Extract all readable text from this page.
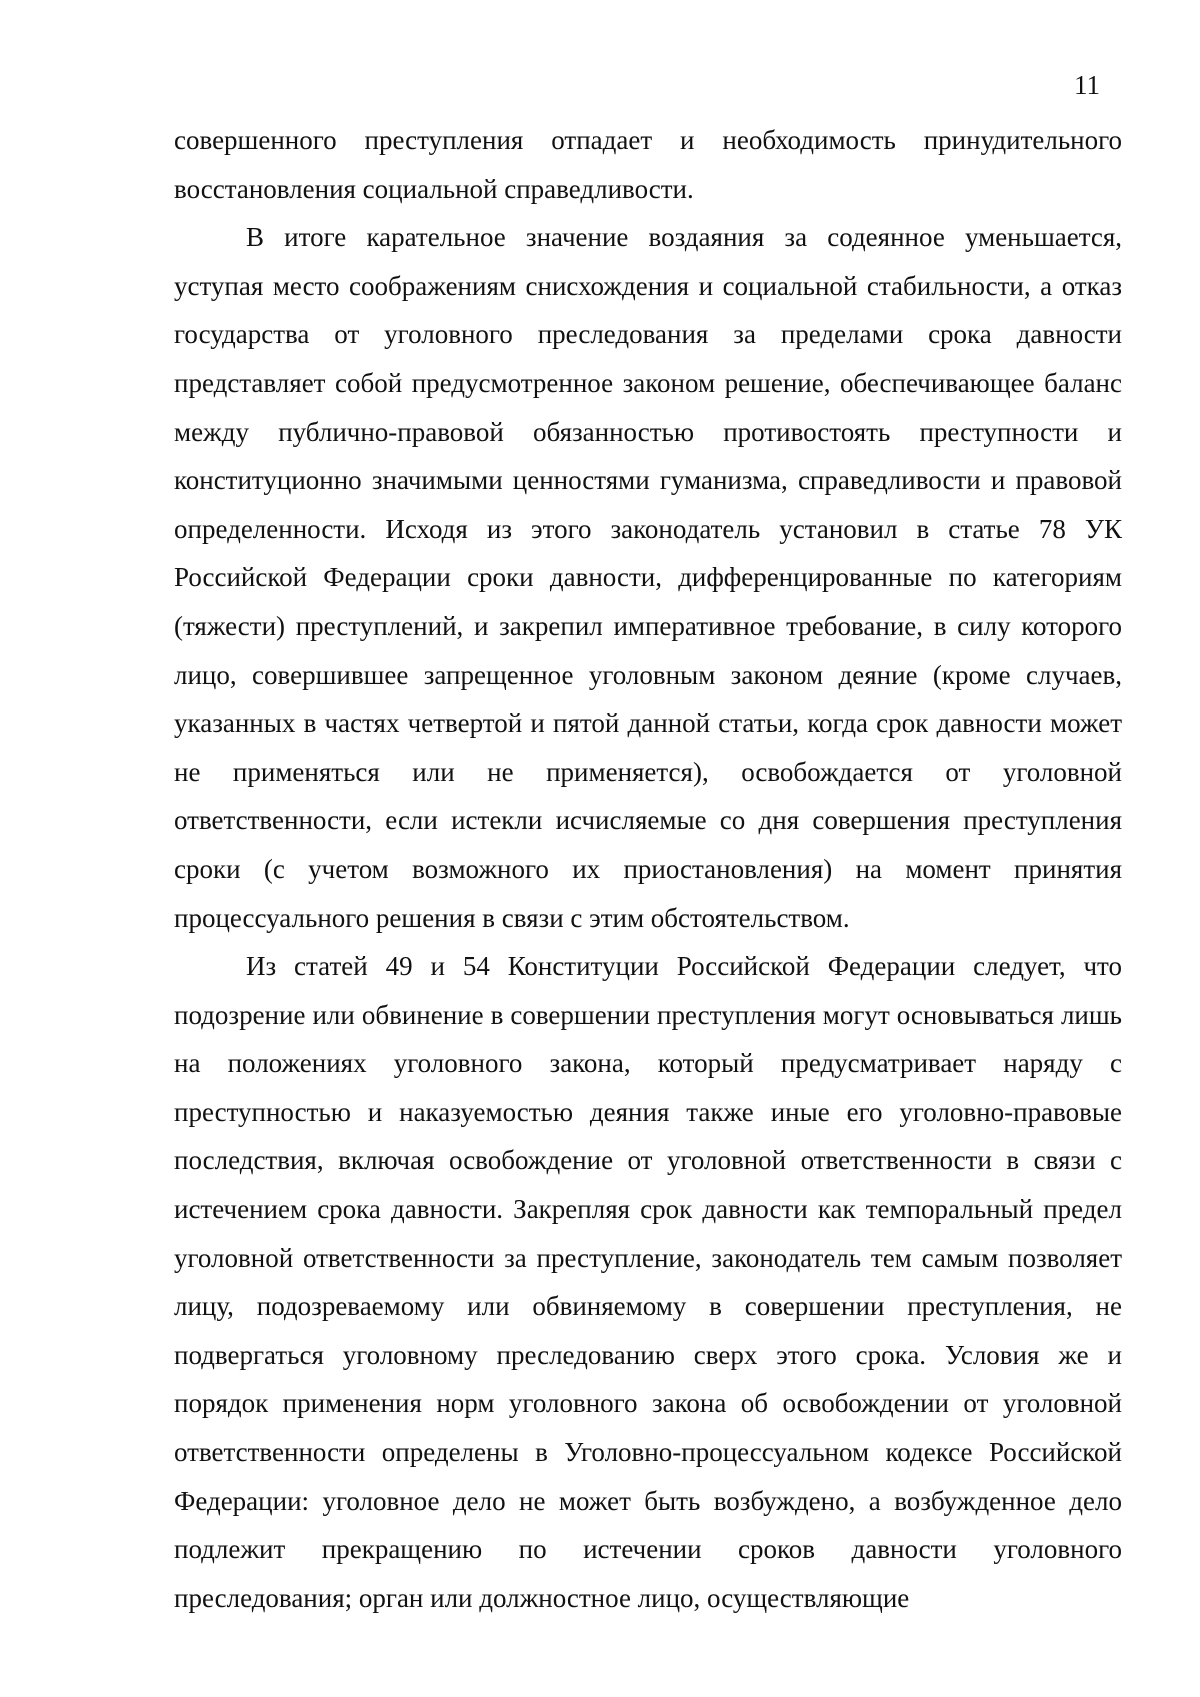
11

совершенного преступления отпадает и необходимость принудительного восстановления социальной справедливости.

В итоге карательное значение воздаяния за содеянное уменьшается, уступая место соображениям снисхождения и социальной стабильности, а отказ государства от уголовного преследования за пределами срока давности представляет собой предусмотренное законом решение, обеспечивающее баланс между публично-правовой обязанностью противостоять преступности и конституционно значимыми ценностями гуманизма, справедливости и правовой определенности. Исходя из этого законодатель установил в статье 78 УК Российской Федерации сроки давности, дифференцированные по категориям (тяжести) преступлений, и закрепил императивное требование, в силу которого лицо, совершившее запрещенное уголовным законом деяние (кроме случаев, указанных в частях четвертой и пятой данной статьи, когда срок давности может не применяться или не применяется), освобождается от уголовной ответственности, если истекли исчисляемые со дня совершения преступления сроки (с учетом возможного их приостановления) на момент принятия процессуального решения в связи с этим обстоятельством.

Из статей 49 и 54 Конституции Российской Федерации следует, что подозрение или обвинение в совершении преступления могут основываться лишь на положениях уголовного закона, который предусматривает наряду с преступностью и наказуемостью деяния также иные его уголовно-правовые последствия, включая освобождение от уголовной ответственности в связи с истечением срока давности. Закрепляя срок давности как темпоральный предел уголовной ответственности за преступление, законодатель тем самым позволяет лицу, подозреваемому или обвиняемому в совершении преступления, не подвергаться уголовному преследованию сверх этого срока. Условия же и порядок применения норм уголовного закона об освобождении от уголовной ответственности определены в Уголовно-процессуальном кодексе Российской Федерации: уголовное дело не может быть возбуждено, а возбужденное дело подлежит прекращению по истечении сроков давности уголовного преследования; орган или должностное лицо, осуществляющие
